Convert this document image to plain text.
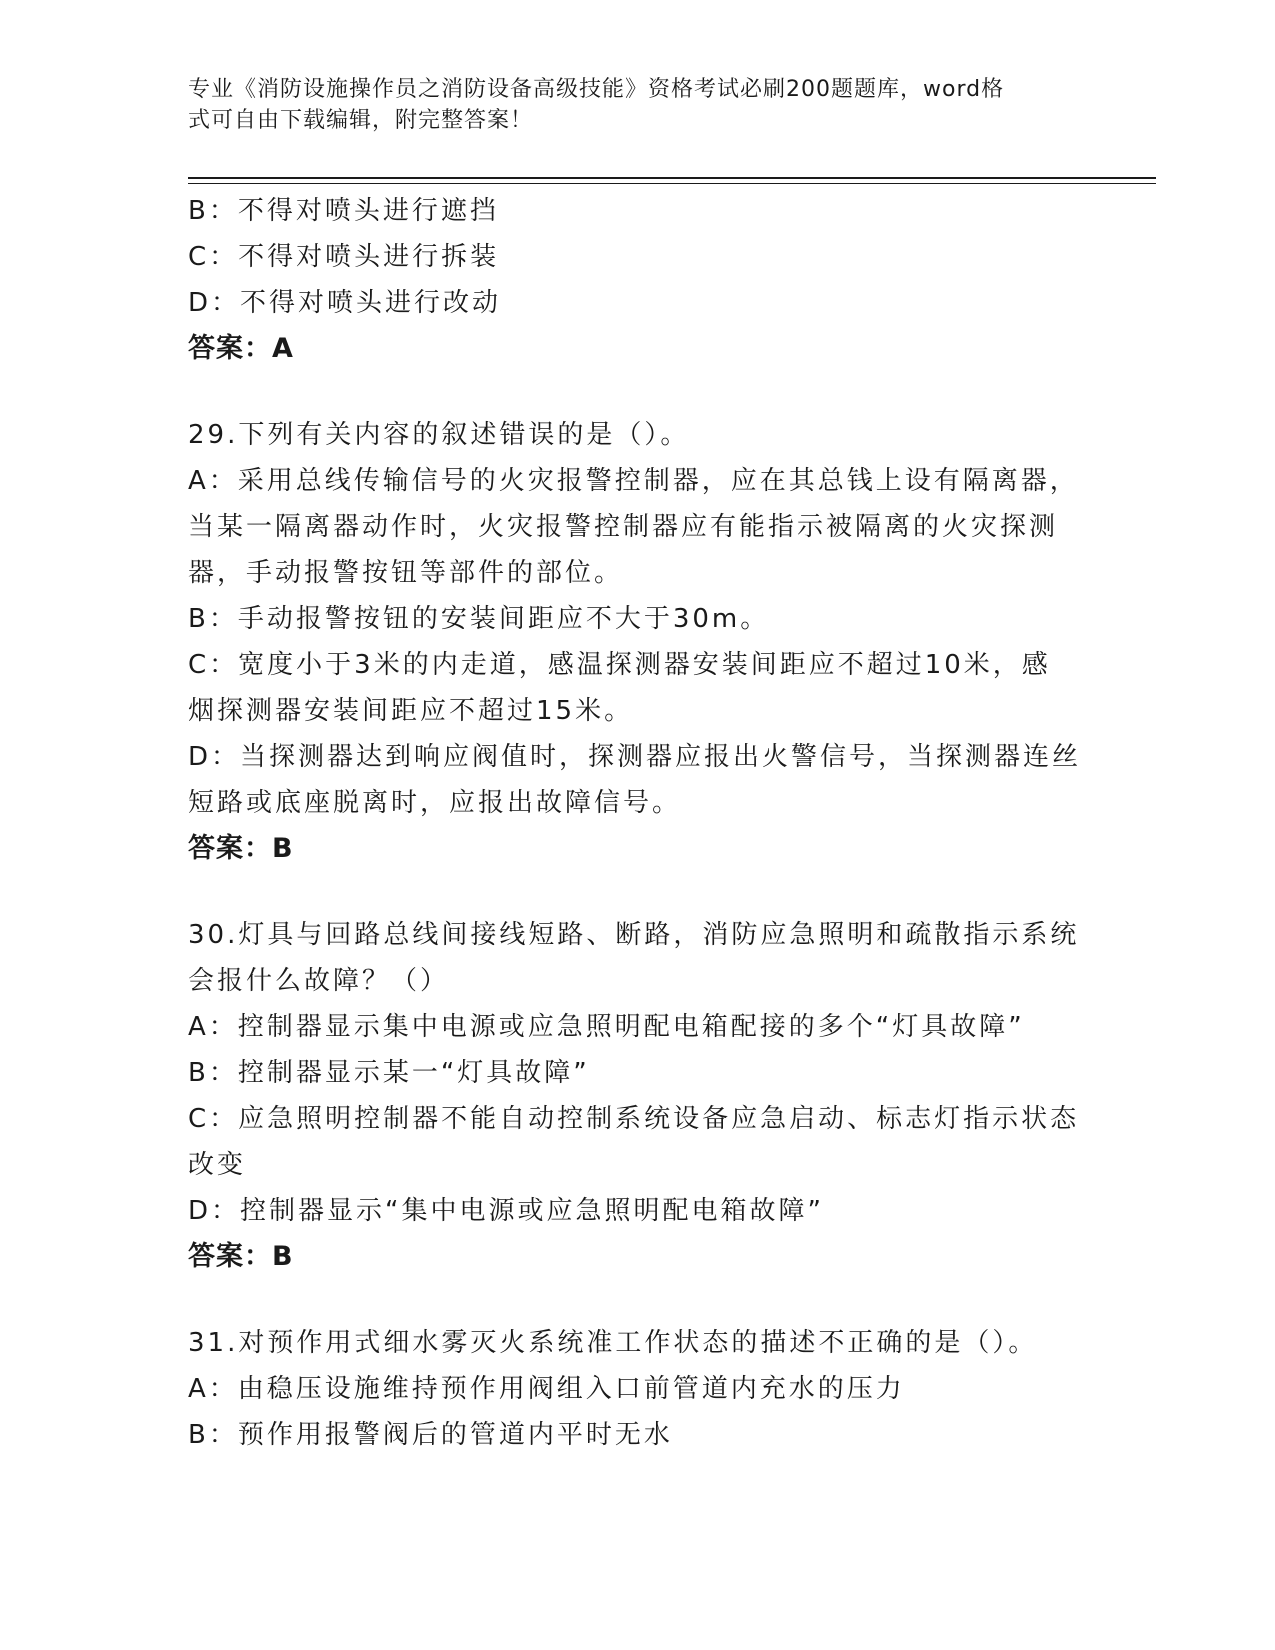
专业《消防设施操作员之消防设备高级技能》资格考试必刷200题题库，word格
式可自由下载编辑，附完整答案！
B：不得对喷头进行遮挡
C：不得对喷头进行拆装
D：不得对喷头进行改动
答案：A
29.下列有关内容的叙述错误的是（）。
A：采用总线传输信号的火灾报警控制器，应在其总钱上设有隔离器，
当某一隔离器动作时，火灾报警控制器应有能指示被隔离的火灾探测
器，手动报警按钮等部件的部位。
B：手动报警按钮的安装间距应不大于30m。
C：宽度小于3米的内走道，感温探测器安装间距应不超过10米，感
烟探测器安装间距应不超过15米。
D：当探测器达到响应阀值时，探测器应报出火警信号，当探测器连丝
短路或底座脱离时，应报出故障信号。
答案：B
30.灯具与回路总线间接线短路、断路，消防应急照明和疏散指示系统
会报什么故障？（）
A：控制器显示集中电源或应急照明配电箱配接的多个“灯具故障”
B：控制器显示某一“灯具故障”
C：应急照明控制器不能自动控制系统设备应急启动、标志灯指示状态
改变
D：控制器显示“集中电源或应急照明配电箱故障”
答案：B
31.对预作用式细水雾灭火系统准工作状态的描述不正确的是（）。
A：由稳压设施维持预作用阀组入口前管道内充水的压力
B：预作用报警阀后的管道内平时无水
